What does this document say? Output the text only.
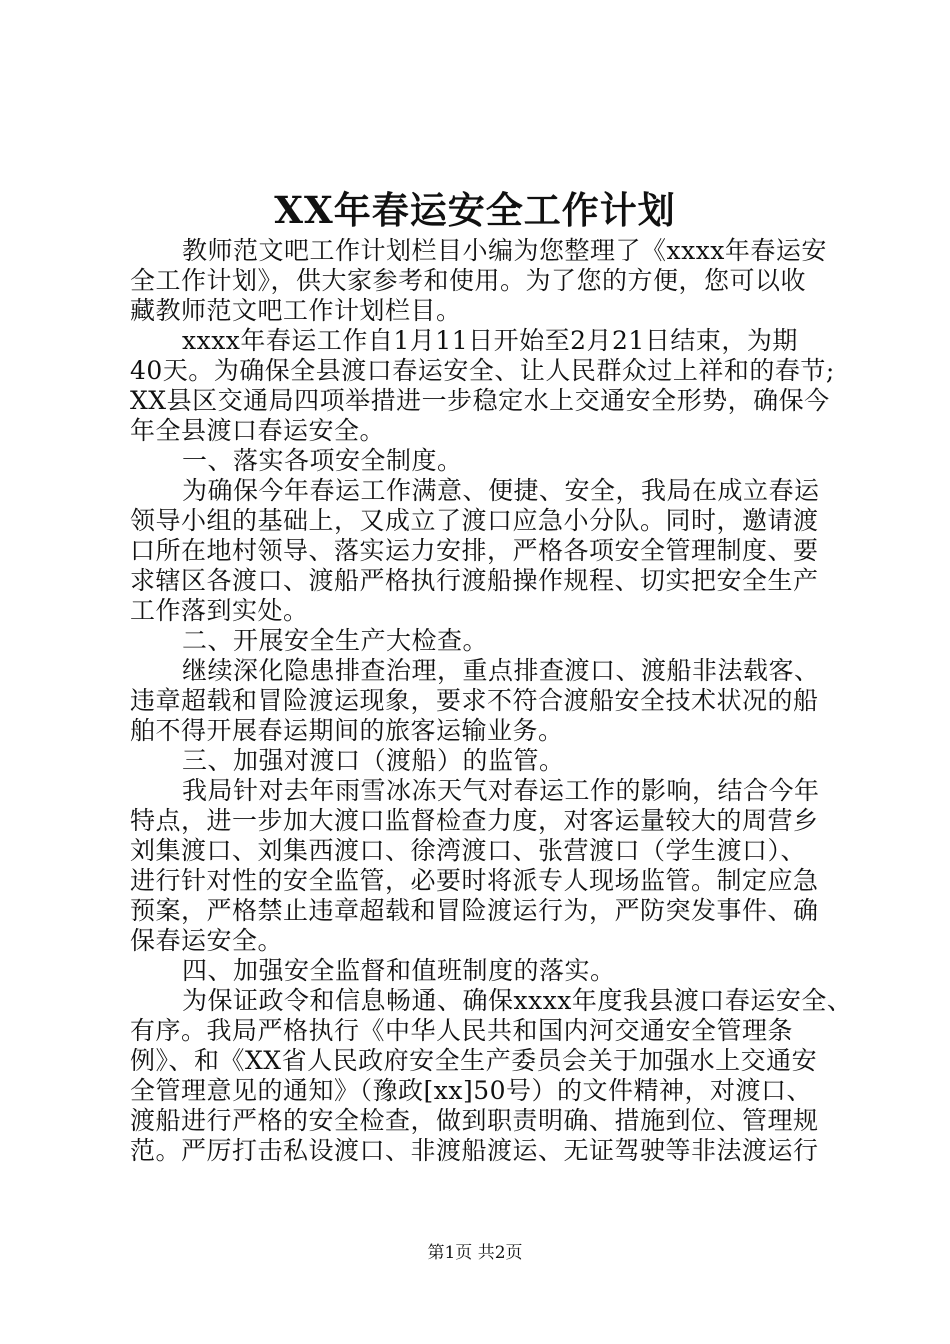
XX年春运安全工作计划
教师范文吧工作计划栏目小编为您整理了《xxxx年春运安
全工作计划》，供大家参考和使用。为了您的方便，您可以收
藏教师范文吧工作计划栏目。
xxxx年春运工作自1月11日开始至2月21日结束，为期
40天。为确保全县渡口春运安全、让人民群众过上祥和的春节;
XX县区交通局四项举措进一步稳定水上交通安全形势，确保今
年全县渡口春运安全。
一、落实各项安全制度。
为确保今年春运工作满意、便捷、安全，我局在成立春运
领导小组的基础上，又成立了渡口应急小分队。同时，邀请渡
口所在地村领导、落实运力安排，严格各项安全管理制度、要
求辖区各渡口、渡船严格执行渡船操作规程、切实把安全生产
工作落到实处。
二、开展安全生产大检查。
继续深化隐患排查治理，重点排查渡口、渡船非法载客、
违章超载和冒险渡运现象，要求不符合渡船安全技术状况的船
舶不得开展春运期间的旅客运输业务。
三、加强对渡口（渡船）的监管。
我局针对去年雨雪冰冻天气对春运工作的影响，结合今年
特点，进一步加大渡口监督检查力度，对客运量较大的周营乡
刘集渡口、刘集西渡口、徐湾渡口、张营渡口（学生渡口）、
进行针对性的安全监管，必要时将派专人现场监管。制定应急
预案，严格禁止违章超载和冒险渡运行为，严防突发事件、确
保春运安全。
四、加强安全监督和值班制度的落实。
为保证政令和信息畅通、确保xxxx年度我县渡口春运安全、
有序。我局严格执行《中华人民共和国内河交通安全管理条
例》、和《XX省人民政府安全生产委员会关于加强水上交通安
全管理意见的通知》（豫政[xx]50号）的文件精神，对渡口、
渡船进行严格的安全检查，做到职责明确、措施到位、管理规
范。严厉打击私设渡口、非渡船渡运、无证驾驶等非法渡运行
第1页 共2页
